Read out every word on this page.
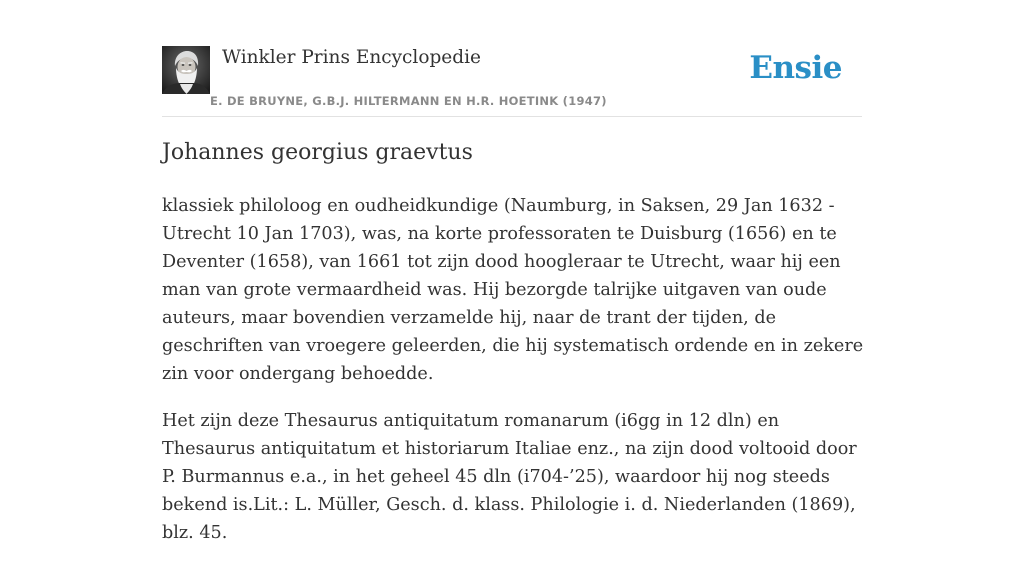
Winkler Prins Encyclopedie
E. DE BRUYNE, G.B.J. HILTERMANN EN H.R. HOETINK (1947)
Ensie
Johannes georgius graevtus

klassiek philoloog en oudheidkundige (Naumburg, in Saksen, 29 Jan 1632 - Utrecht 10 Jan 1703), was, na korte professoraten te Duisburg (1656) en te Deventer (1658), van 1661 tot zijn dood hoogleraar te Utrecht, waar hij een man van grote vermaardheid was. Hij bezorgde talrijke uitgaven van oude auteurs, maar bovendien verzamelde hij, naar de trant der tijden, de geschriften van vroegere geleerden, die hij systematisch ordende en in zekere zin voor ondergang behoedde.

Het zijn deze Thesaurus antiquitatum romanarum (i6gg in 12 dln) en Thesaurus antiquitatum et historiarum Italiae enz., na zijn dood voltooid door P. Burmannus e.a., in het geheel 45 dln (i704-’25), waardoor hij nog steeds bekend is.Lit.: L. Müller, Gesch. d. klass. Philologie i. d. Niederlanden (1869), blz. 45.
